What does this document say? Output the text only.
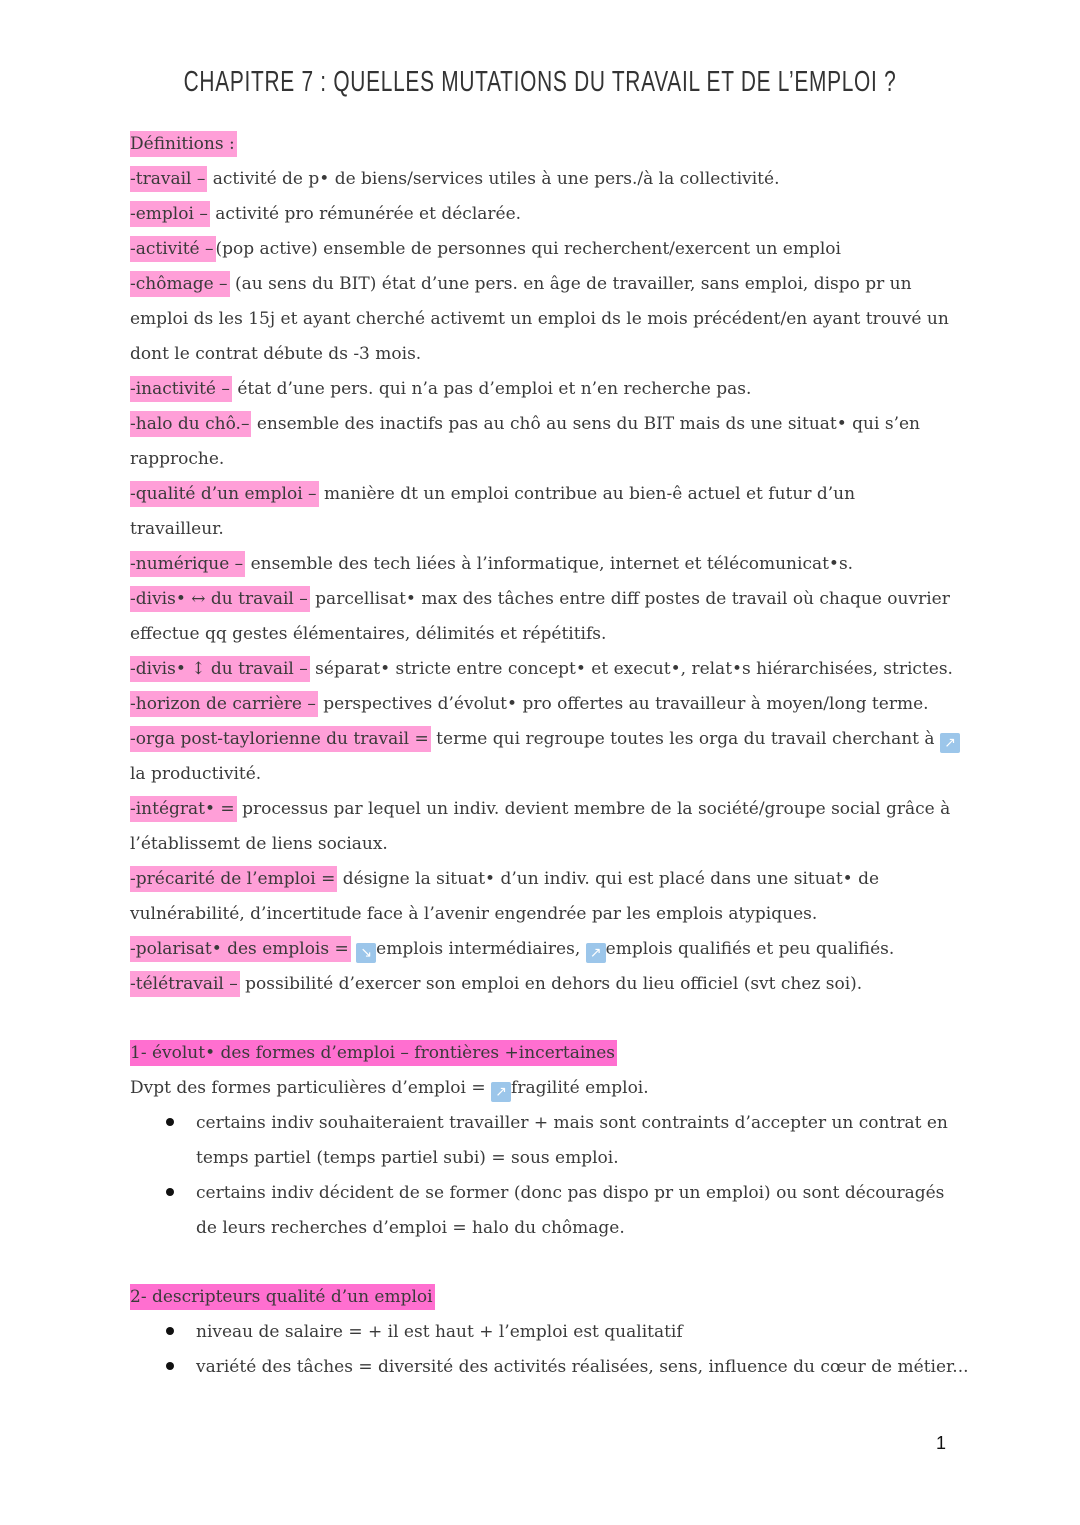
CHAPITRE 7 : QUELLES MUTATIONS DU TRAVAIL ET DE L’EMPLOI ?
Définitions :
-travail – activité de p• de biens/services utiles à une pers./à la collectivité.
-emploi – activité pro rémunérée et déclarée.
-activité – (pop active) ensemble de personnes qui recherchent/exercent un emploi
-chômage – (au sens du BIT) état d’une pers. en âge de travailler, sans emploi, dispo pr un
emploi ds les 15j et ayant cherché activemt un emploi ds le mois précédent/en ayant trouvé un
dont le contrat débute ds -3 mois.
-inactivité – état d’une pers. qui n’a pas d’emploi et n’en recherche pas.
-halo du chô.– ensemble des inactifs pas au chô au sens du BIT mais ds une situat• qui s’en
rapproche.
-qualité d’un emploi – manière dt un emploi contribue au bien-ê actuel et futur d’un
travailleur.
-numérique – ensemble des tech liées à l’informatique, internet et télécomunicat•s.
-divis• ↔ du travail – parcellisat• max des tâches entre diff postes de travail où chaque ouvrier
effectue qq gestes élémentaires, délimités et répétitifs.
-divis• ↕ du travail – séparat• stricte entre concept• et execut•, relat•s hiérarchisées, strictes.
-horizon de carrière – perspectives d’évolut• pro offertes au travailleur à moyen/long terme.
-orga post-taylorienne du travail = terme qui regroupe toutes les orga du travail cherchant à ↗
la productivité.
-intégrat• = processus par lequel un indiv. devient membre de la société/groupe social grâce à
l’établissemt de liens sociaux.
-précarité de l’emploi = désigne la situat• d’un indiv. qui est placé dans une situat• de
vulnérabilité, d’incertitude face à l’avenir engendrée par les emplois atypiques.
-polarisat• des emplois = ↘ emplois intermédiaires, ↗ emplois qualifiés et peu qualifiés.
-télétravail – possibilité d’exercer son emploi en dehors du lieu officiel (svt chez soi).
1- évolut• des formes d’emploi – frontières +incertaines
Dvpt des formes particulières d’emploi = ↗ fragilité emploi.
certains indiv souhaiteraient travailler + mais sont contraints d’accepter un contrat en
temps partiel (temps partiel subi) = sous emploi.
certains indiv décident de se former (donc pas dispo pr un emploi) ou sont découragés
de leurs recherches d’emploi = halo du chômage.
2- descripteurs qualité d’un emploi
niveau de salaire = + il est haut + l’emploi est qualitatif
variété des tâches = diversité des activités réalisées, sens, influence du cœur de métier...
1
